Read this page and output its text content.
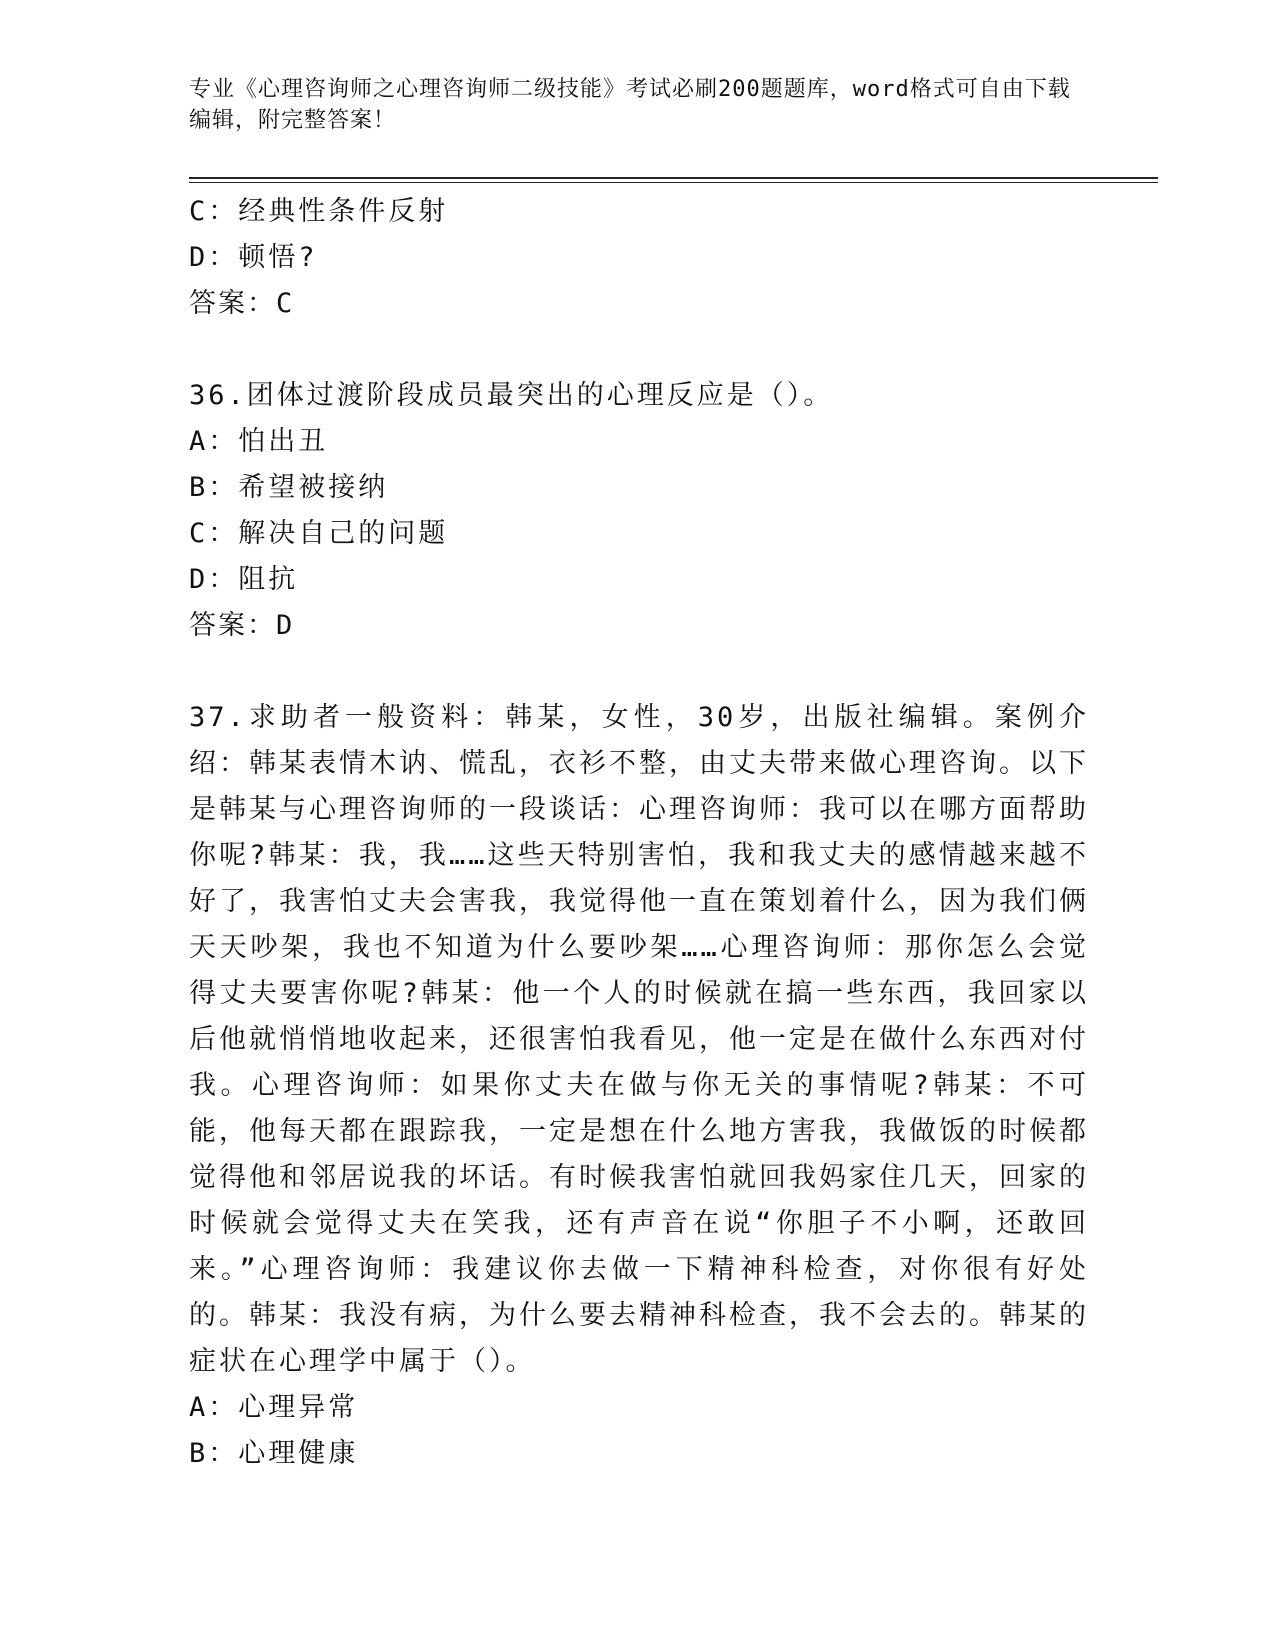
专业《心理咨询师之心理咨询师二级技能》考试必刷200题题库，word格式可自由下载编辑，附完整答案！

C：经典性条件反射

D：顿悟?

答案：C

36.团体过渡阶段成员最突出的心理反应是（）。

A：怕出丑

B：希望被接纳

C：解决自己的问题

D：阻抗

答案：D

37.求助者一般资料：韩某，女性，30岁，出版社编辑。案例介绍：韩某表情木讷、慌乱，衣衫不整，由丈夫带来做心理咨询。以下是韩某与心理咨询师的一段谈话：心理咨询师：我可以在哪方面帮助你呢?韩某：我，我……这些天特别害怕，我和我丈夫的感情越来越不好了，我害怕丈夫会害我，我觉得他一直在策划着什么，因为我们俩天天吵架，我也不知道为什么要吵架……心理咨询师：那你怎么会觉得丈夫要害你呢?韩某：他一个人的时候就在搞一些东西，我回家以后他就悄悄地收起来，还很害怕我看见，他一定是在做什么东西对付我。心理咨询师：如果你丈夫在做与你无关的事情呢?韩某：不可能，他每天都在跟踪我，一定是想在什么地方害我，我做饭的时候都觉得他和邻居说我的坏话。有时候我害怕就回我妈家住几天，回家的时候就会觉得丈夫在笑我，还有声音在说“你胆子不小啊，还敢回来。”心理咨询师：我建议你去做一下精神科检查，对你很有好处的。韩某：我没有病，为什么要去精神科检查，我不会去的。韩某的症状在心理学中属于（）。

A：心理异常

B：心理健康
